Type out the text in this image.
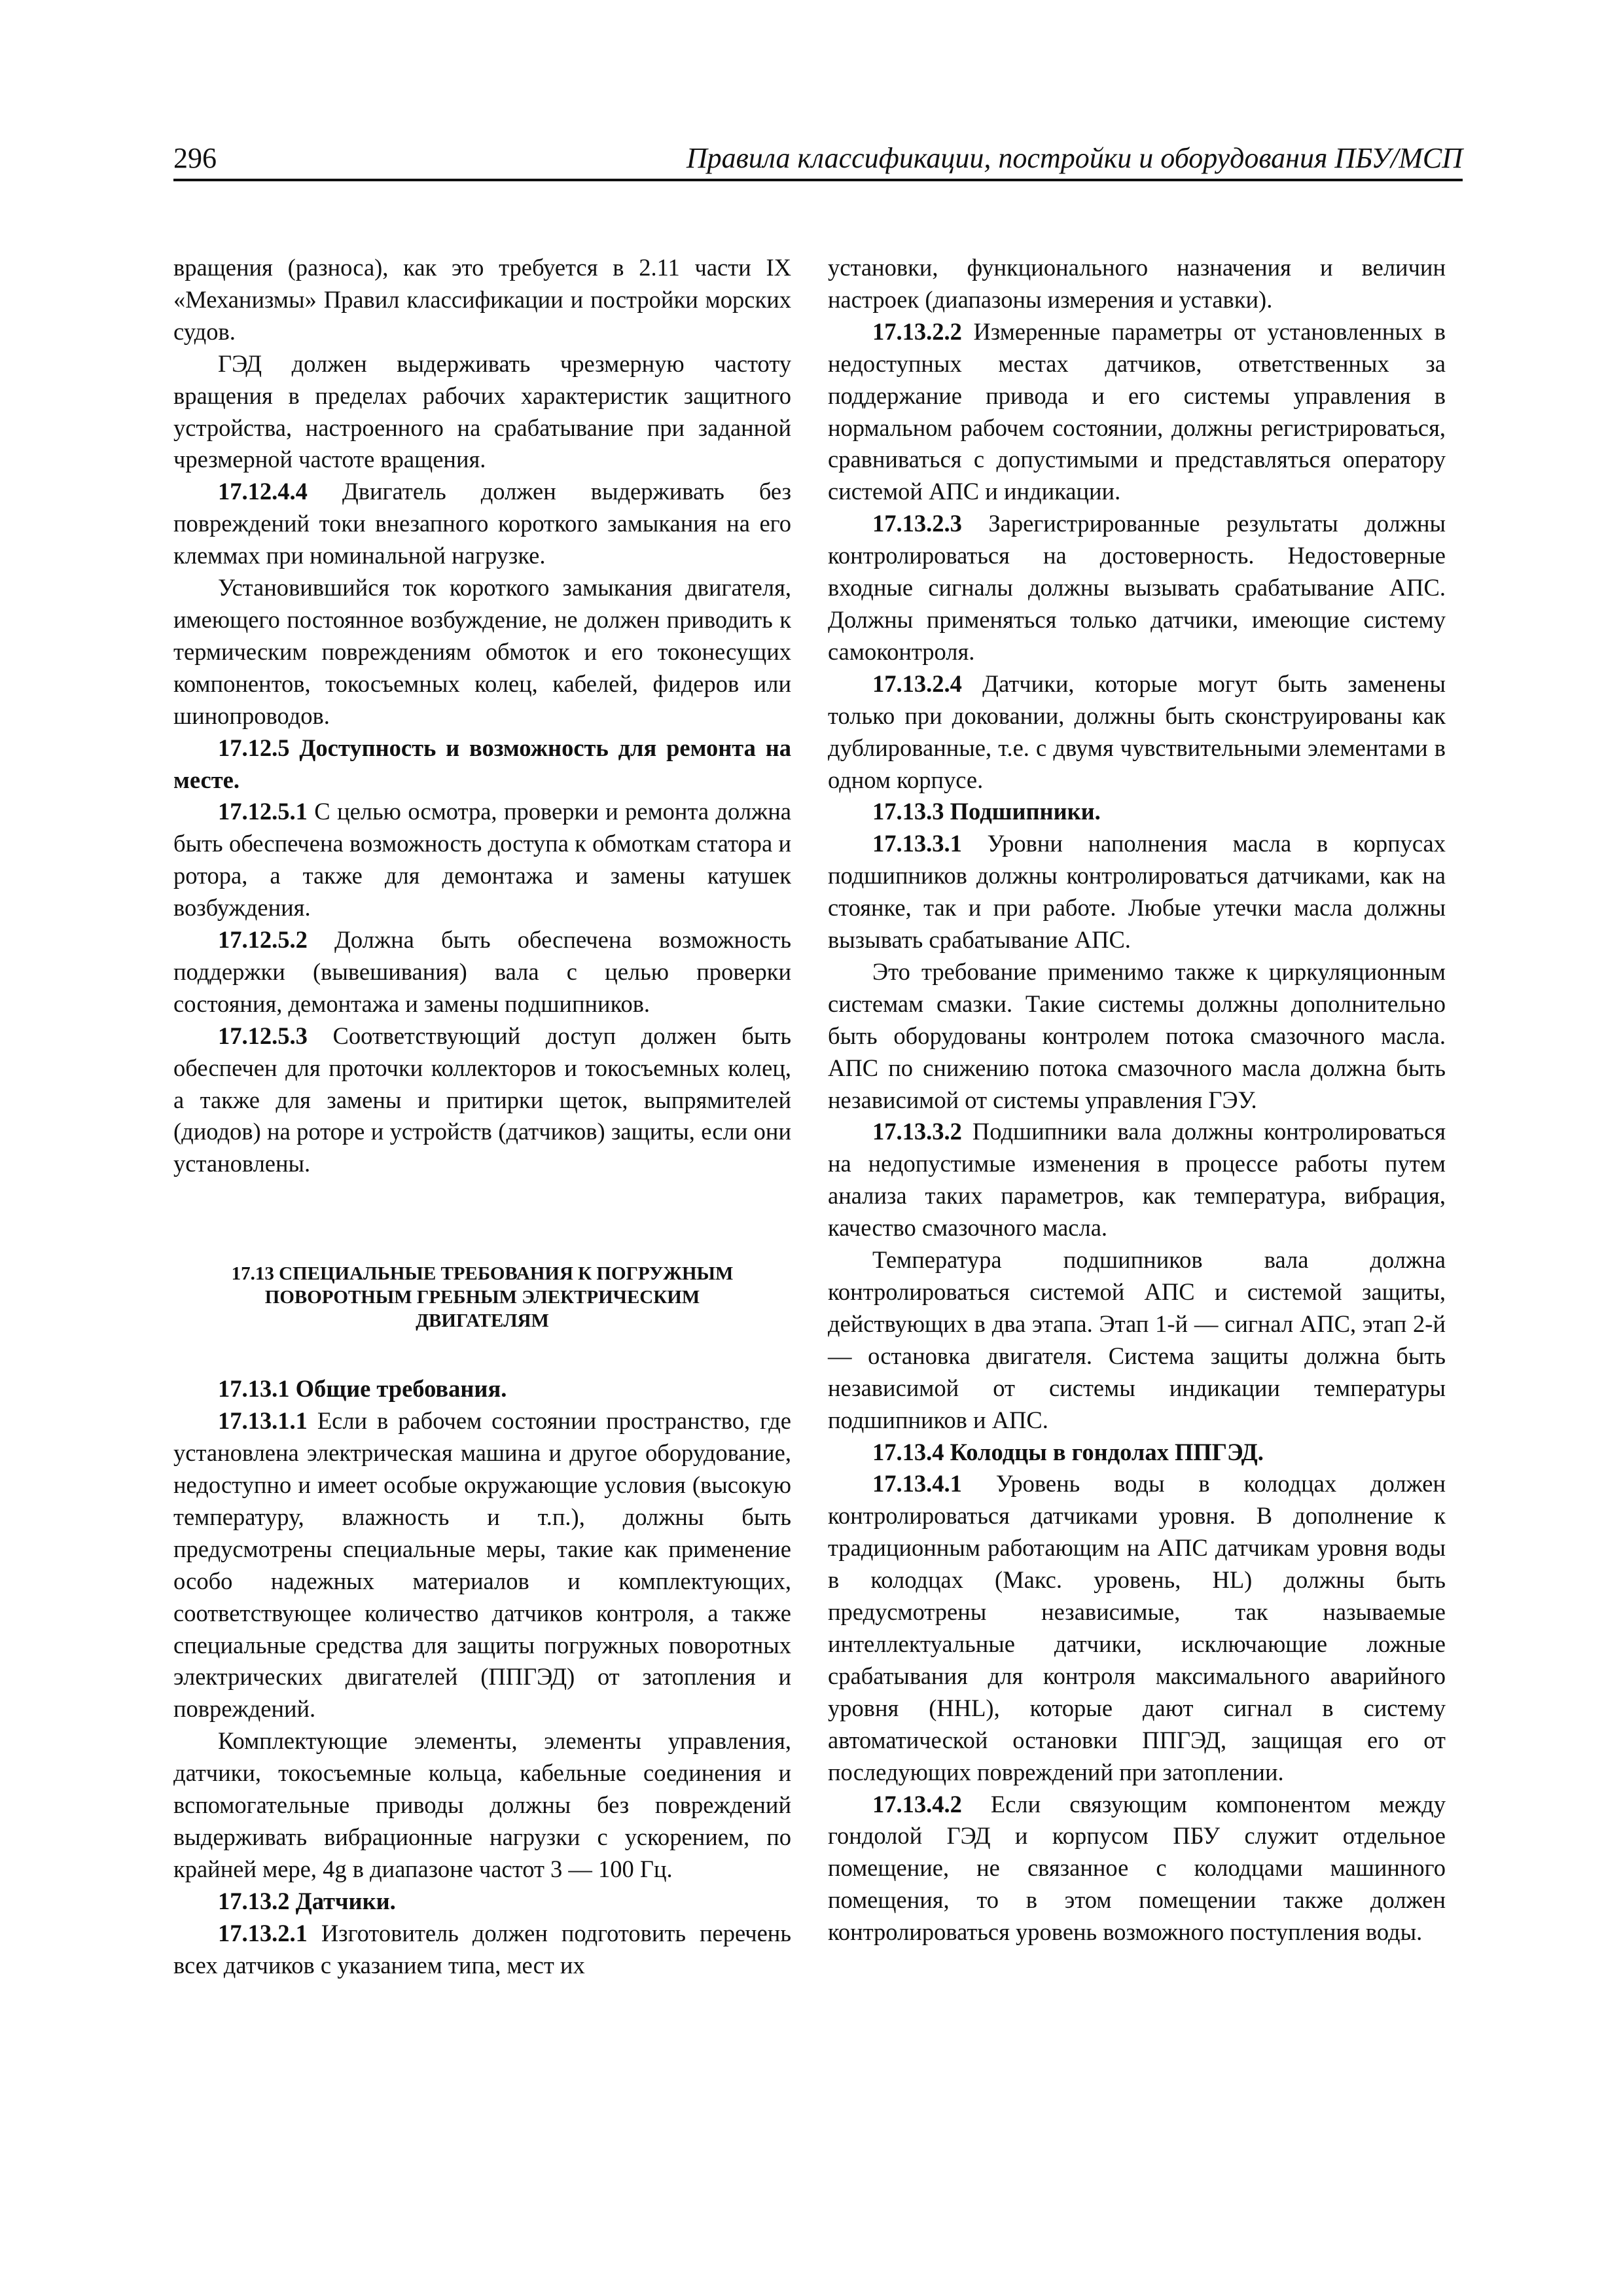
296	Правила классификации, постройки и оборудования ПБУ/МСП

вращения (разноса), как это требуется в 2.11 части IX «Механизмы» Правил классификации и постройки морских судов.

ГЭД должен выдерживать чрезмерную частоту вращения в пределах рабочих характеристик защитного устройства, настроенного на срабатывание при заданной чрезмерной частоте вращения.

17.12.4.4 Двигатель должен выдерживать без повреждений токи внезапного короткого замыкания на его клеммах при номинальной нагрузке.

Установившийся ток короткого замыкания двигателя, имеющего постоянное возбуждение, не должен приводить к термическим повреждениям обмоток и его токонесущих компонентов, токосъемных колец, кабелей, фидеров или шинопроводов.

17.12.5 Доступность и возможность для ремонта на месте.

17.12.5.1 С целью осмотра, проверки и ремонта должна быть обеспечена возможность доступа к обмоткам статора и ротора, а также для демонтажа и замены катушек возбуждения.

17.12.5.2 Должна быть обеспечена возможность поддержки (вывешивания) вала с целью проверки состояния, демонтажа и замены подшипников.

17.12.5.3 Соответствующий доступ должен быть обеспечен для проточки коллекторов и токосъемных колец, а также для замены и притирки щеток, выпрямителей (диодов) на роторе и устройств (датчиков) защиты, если они установлены.

17.13 СПЕЦИАЛЬНЫЕ ТРЕБОВАНИЯ К ПОГРУЖНЫМ
ПОВОРОТНЫМ ГРЕБНЫМ ЭЛЕКТРИЧЕСКИМ
ДВИГАТЕЛЯМ

17.13.1 Общие требования.

17.13.1.1 Если в рабочем состоянии пространство, где установлена электрическая машина и другое оборудование, недоступно и имеет особые окружающие условия (высокую температуру, влажность и т.п.), должны быть предусмотрены специальные меры, такие как применение особо надежных материалов и комплектующих, соответствующее количество датчиков контроля, а также специальные средства для защиты погружных поворотных электрических двигателей (ППГЭД) от затопления и повреждений.

Комплектующие элементы, элементы управления, датчики, токосъемные кольца, кабельные соединения и вспомогательные приводы должны без повреждений выдерживать вибрационные нагрузки с ускорением, по крайней мере, 4g в диапазоне частот 3 — 100 Гц.

17.13.2 Датчики.

17.13.2.1 Изготовитель должен подготовить перечень всех датчиков с указанием типа, мест их

установки, функционального назначения и величин настроек (диапазоны измерения и уставки).

17.13.2.2 Измеренные параметры от установленных в недоступных местах датчиков, ответственных за поддержание привода и его системы управления в нормальном рабочем состоянии, должны регистрироваться, сравниваться с допустимыми и представляться оператору системой АПС и индикации.

17.13.2.3 Зарегистрированные результаты должны контролироваться на достоверность. Недостоверные входные сигналы должны вызывать срабатывание АПС. Должны применяться только датчики, имеющие систему самоконтроля.

17.13.2.4 Датчики, которые могут быть заменены только при доковании, должны быть сконструированы как дублированные, т.е. с двумя чувствительными элементами в одном корпусе.

17.13.3 Подшипники.

17.13.3.1 Уровни наполнения масла в корпусах подшипников должны контролироваться датчиками, как на стоянке, так и при работе. Любые утечки масла должны вызывать срабатывание АПС.

Это требование применимо также к циркуляционным системам смазки. Такие системы должны дополнительно быть оборудованы контролем потока смазочного масла. АПС по снижению потока смазочного масла должна быть независимой от системы управления ГЭУ.

17.13.3.2 Подшипники вала должны контролироваться на недопустимые изменения в процессе работы путем анализа таких параметров, как температура, вибрация, качество смазочного масла.

Температура подшипников вала должна контролироваться системой АПС и системой защиты, действующих в два этапа. Этап 1-й — сигнал АПС, этап 2-й — остановка двигателя. Система защиты должна быть независимой от системы индикации температуры подшипников и АПС.

17.13.4 Колодцы в гондолах ППГЭД.

17.13.4.1 Уровень воды в колодцах должен контролироваться датчиками уровня. В дополнение к традиционным работающим на АПС датчикам уровня воды в колодцах (Макс. уровень, HL) должны быть предусмотрены независимые, так называемые интеллектуальные датчики, исключающие ложные срабатывания для контроля максимального аварийного уровня (HHL), которые дают сигнал в систему автоматической остановки ППГЭД, защищая его от последующих повреждений при затоплении.

17.13.4.2 Если связующим компонентом между гондолой ГЭД и корпусом ПБУ служит отдельное помещение, не связанное с колодцами машинного помещения, то в этом помещении также должен контролироваться уровень возможного поступления воды.
